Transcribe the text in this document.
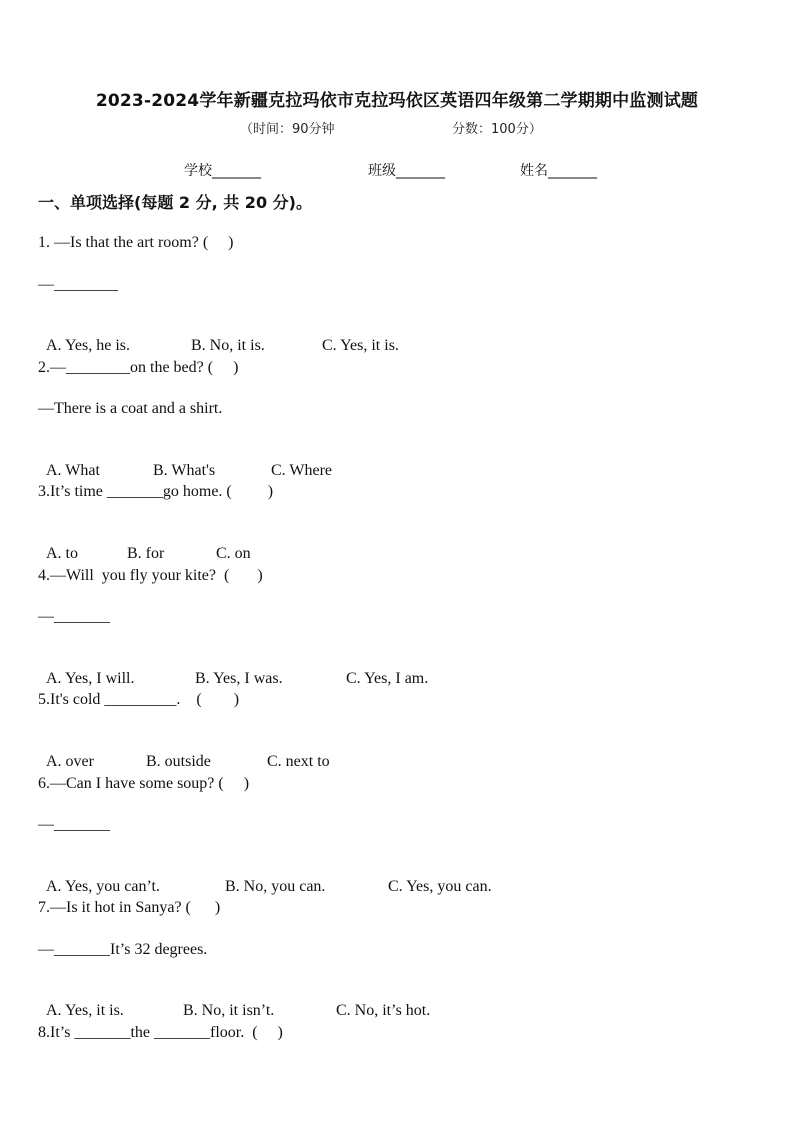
2023-2024学年新疆克拉玛依市克拉玛依区英语四年级第二学期期中监测试题
（时间：90分钟	分数：100分）
学校_______	班级_______	姓名_______
一、单项选择(每题 2 分, 共 20 分)。
1. —Is that the art room? (     )
—________

A. Yes, he is.	B. No, it is.	C. Yes, it is.

2.—________on the bed? (     )
—There is a coat and a shirt.

A. What	B. What's	C. Where

3.It’s time _______go home. (         )

A. to	B. for	C. on

4.—Will  you fly your kite?  (       )
—_______

A. Yes, I will.	B. Yes, I was.	C. Yes, I am.

5.It's cold _________.    (        )

A. over	B. outside	C. next to

6.—Can I have some soup? (     )
—_______

A. Yes, you can’t.	B. No, you can.	C. Yes, you can.

7.—Is it hot in Sanya? (      )
—_______It’s 32 degrees.

A. Yes, it is.	B. No, it isn’t.	C. No, it’s hot.

8.It’s _______the _______floor.  (     )
